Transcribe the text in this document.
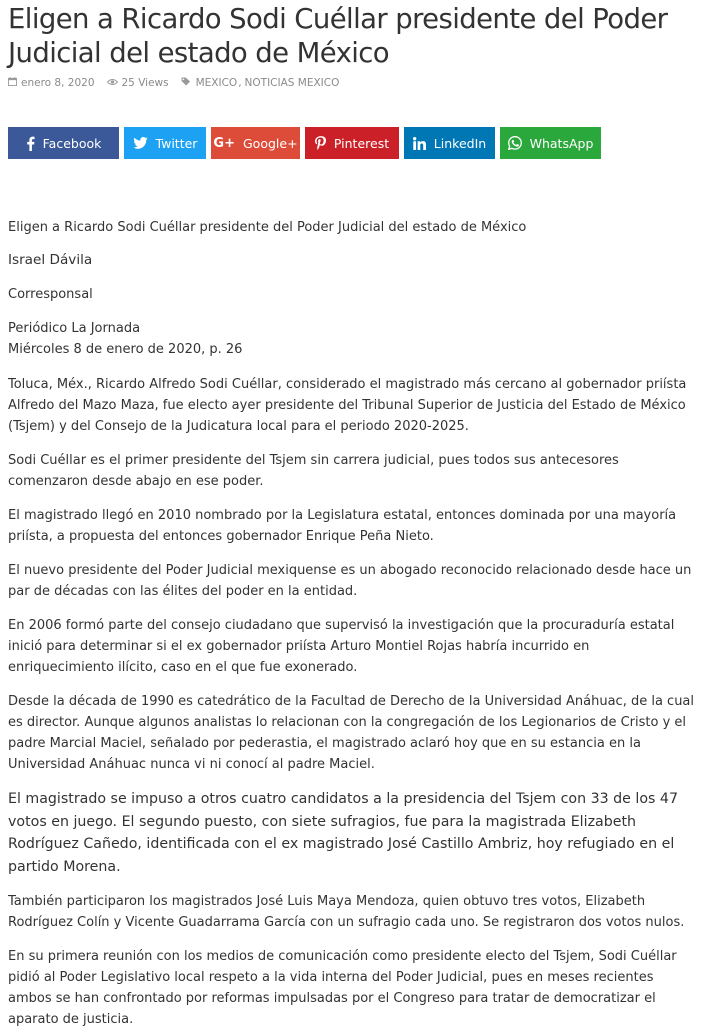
Eligen a Ricardo Sodi Cuéllar presidente del Poder Judicial del estado de México
enero 8, 2020	25 Views	MEXICO , NOTICIAS MEXICO
Facebook	Twitter G+ Google+	Pinterest	LinkedIn	WhatsApp

Eligen a Ricardo Sodi Cuéllar presidente del Poder Judicial del estado de México

Israel Dávila

Corresponsal

Periódico La Jornada
Miércoles 8 de enero de 2020, p. 26

Toluca, Méx., Ricardo Alfredo Sodi Cuéllar, considerado el magistrado más cercano al gobernador priísta Alfredo del Mazo Maza, fue electo ayer presidente del Tribunal Superior de Justicia del Estado de México (Tsjem) y del Consejo de la Judicatura local para el periodo 2020-2025.

Sodi Cuéllar es el primer presidente del Tsjem sin carrera judicial, pues todos sus antecesores comenzaron desde abajo en ese poder.

El magistrado llegó en 2010 nombrado por la Legislatura estatal, entonces dominada por una mayoría priísta, a propuesta del entonces gobernador Enrique Peña Nieto.

El nuevo presidente del Poder Judicial mexiquense es un abogado reconocido relacionado desde hace un par de décadas con las élites del poder en la entidad.

En 2006 formó parte del consejo ciudadano que supervisó la investigación que la procuraduría estatal inició para determinar si el ex gobernador priísta Arturo Montiel Rojas habría incurrido en enriquecimiento ilícito, caso en el que fue exonerado.

Desde la década de 1990 es catedrático de la Facultad de Derecho de la Universidad Anáhuac, de la cual es director. Aunque algunos analistas lo relacionan con la congregación de los Legionarios de Cristo y el padre Marcial Maciel, señalado por pederastia, el magistrado aclaró hoy que en su estancia en la Universidad Anáhuac nunca vi ni conocí al padre Maciel.

El magistrado se impuso a otros cuatro candidatos a la presidencia del Tsjem con 33 de los 47 votos en juego. El segundo puesto, con siete sufragios, fue para la magistrada Elizabeth Rodríguez Cañedo, identificada con el ex magistrado José Castillo Ambriz, hoy refugiado en el partido Morena.

También participaron los magistrados José Luis Maya Mendoza, quien obtuvo tres votos, Elizabeth Rodríguez Colín y Vicente Guadarrama García con un sufragio cada uno. Se registraron dos votos nulos.

En su primera reunión con los medios de comunicación como presidente electo del Tsjem, Sodi Cuéllar pidió al Poder Legislativo local respeto a la vida interna del Poder Judicial, pues en meses recientes ambos se han confrontado por reformas impulsadas por el Congreso para tratar de democratizar el aparato de justicia.
